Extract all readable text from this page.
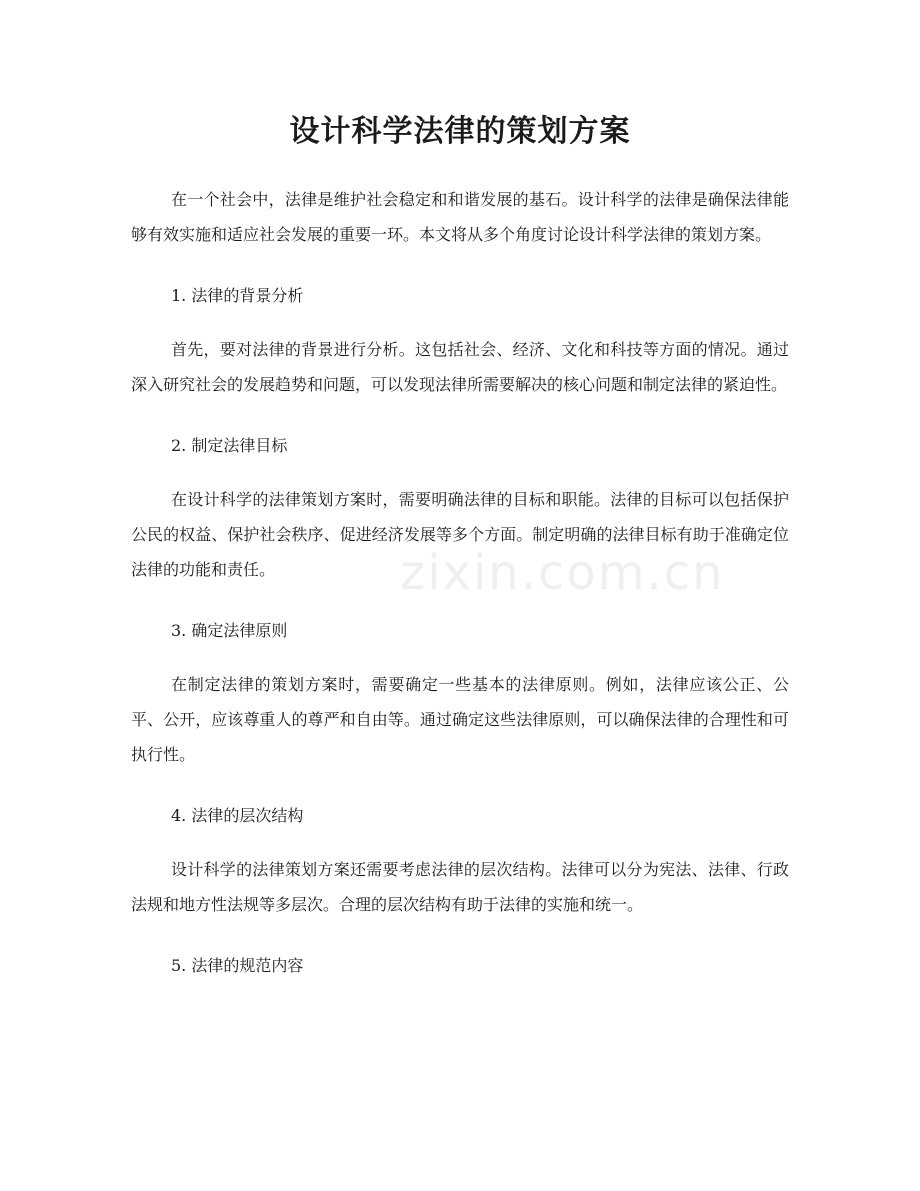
设计科学法律的策划方案
zixin.com.cn

在一个社会中，法律是维护社会稳定和和谐发展的基石。设计科学的法律是确保法律能够有效实施和适应社会发展的重要一环。本文将从多个角度讨论设计科学法律的策划方案。

1. 法律的背景分析

首先，要对法律的背景进行分析。这包括社会、经济、文化和科技等方面的情况。通过深入研究社会的发展趋势和问题，可以发现法律所需要解决的核心问题和制定法律的紧迫性。

2. 制定法律目标

在设计科学的法律策划方案时，需要明确法律的目标和职能。法律的目标可以包括保护公民的权益、保护社会秩序、促进经济发展等多个方面。制定明确的法律目标有助于准确定位法律的功能和责任。

3. 确定法律原则

在制定法律的策划方案时，需要确定一些基本的法律原则。例如，法律应该公正、公平、公开，应该尊重人的尊严和自由等。通过确定这些法律原则，可以确保法律的合理性和可执行性。

4. 法律的层次结构

设计科学的法律策划方案还需要考虑法律的层次结构。法律可以分为宪法、法律、行政法规和地方性法规等多层次。合理的层次结构有助于法律的实施和统一。

5. 法律的规范内容
